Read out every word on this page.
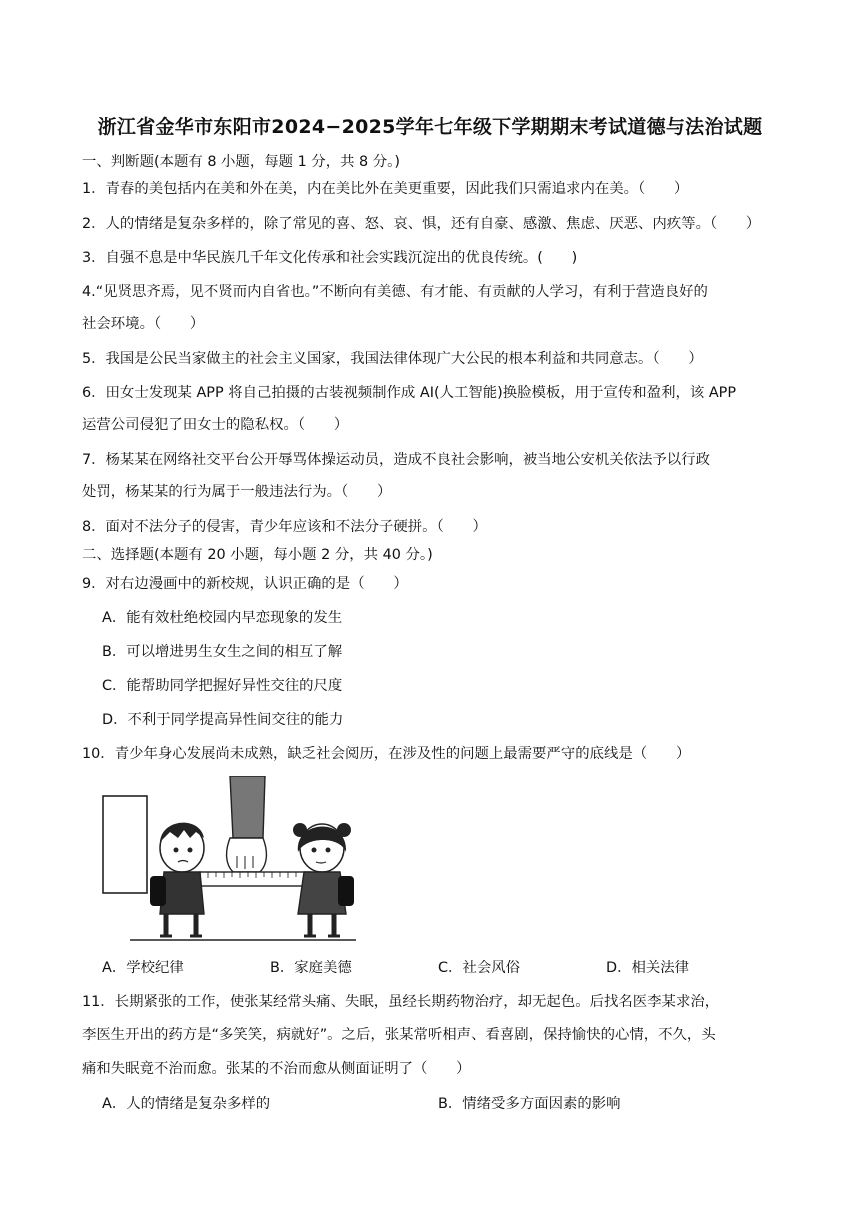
浙江省金华市东阳市2024−2025学年七年级下学期期末考试道德与法治试题
一、判断题(本题有 8 小题，每题 1 分，共 8 分。)
1．青春的美包括内在美和外在美，内在美比外在美更重要，因此我们只需追求内在美。（　　）
2．人的情绪是复杂多样的，除了常见的喜、怒、哀、惧，还有自豪、感激、焦虑、厌恶、内疚等。（　　）
3．自强不息是中华民族几千年文化传承和社会实践沉淀出的优良传统。(　　)
4.“见贤思齐焉，见不贤而内自省也。”不断向有美德、有才能、有贡献的人学习，有利于营造良好的
社会环境。（　　）
5．我国是公民当家做主的社会主义国家，我国法律体现广大公民的根本利益和共同意志。（　　）
6．田女士发现某 APP 将自己拍摄的古装视频制作成 AI(人工智能)换脸模板，用于宣传和盈利，该 APP
运营公司侵犯了田女士的隐私权。（　　）
7．杨某某在网络社交平台公开辱骂体操运动员，造成不良社会影响，被当地公安机关依法予以行政
处罚，杨某某的行为属于一般违法行为。（　　）
8．面对不法分子的侵害，青少年应该和不法分子硬拼。（　　）
二、选择题(本题有 20 小题，每小题 2 分，共 40 分。)
9．对右边漫画中的新校规，认识正确的是（　　）
A．能有效杜绝校园内早恋现象的发生
B．可以增进男生女生之间的相互了解
C．能帮助同学把握好异性交往的尺度
D．不利于同学提高异性间交往的能力
10．青少年身心发展尚未成熟，缺乏社会阅历，在涉及性的问题上最需要严守的底线是（　　）
A．学校纪律	B．家庭美德	C．社会风俗	D．相关法律
11．长期紧张的工作，使张某经常头痛、失眠，虽经长期药物治疗，却无起色。后找名医李某求治，
李医生开出的药方是“多笑笑，病就好”。之后，张某常听相声、看喜剧，保持愉快的心情，不久，头
痛和失眠竟不治而愈。张某的不治而愈从侧面证明了（　　）
A．人的情绪是复杂多样的	B．情绪受多方面因素的影响
